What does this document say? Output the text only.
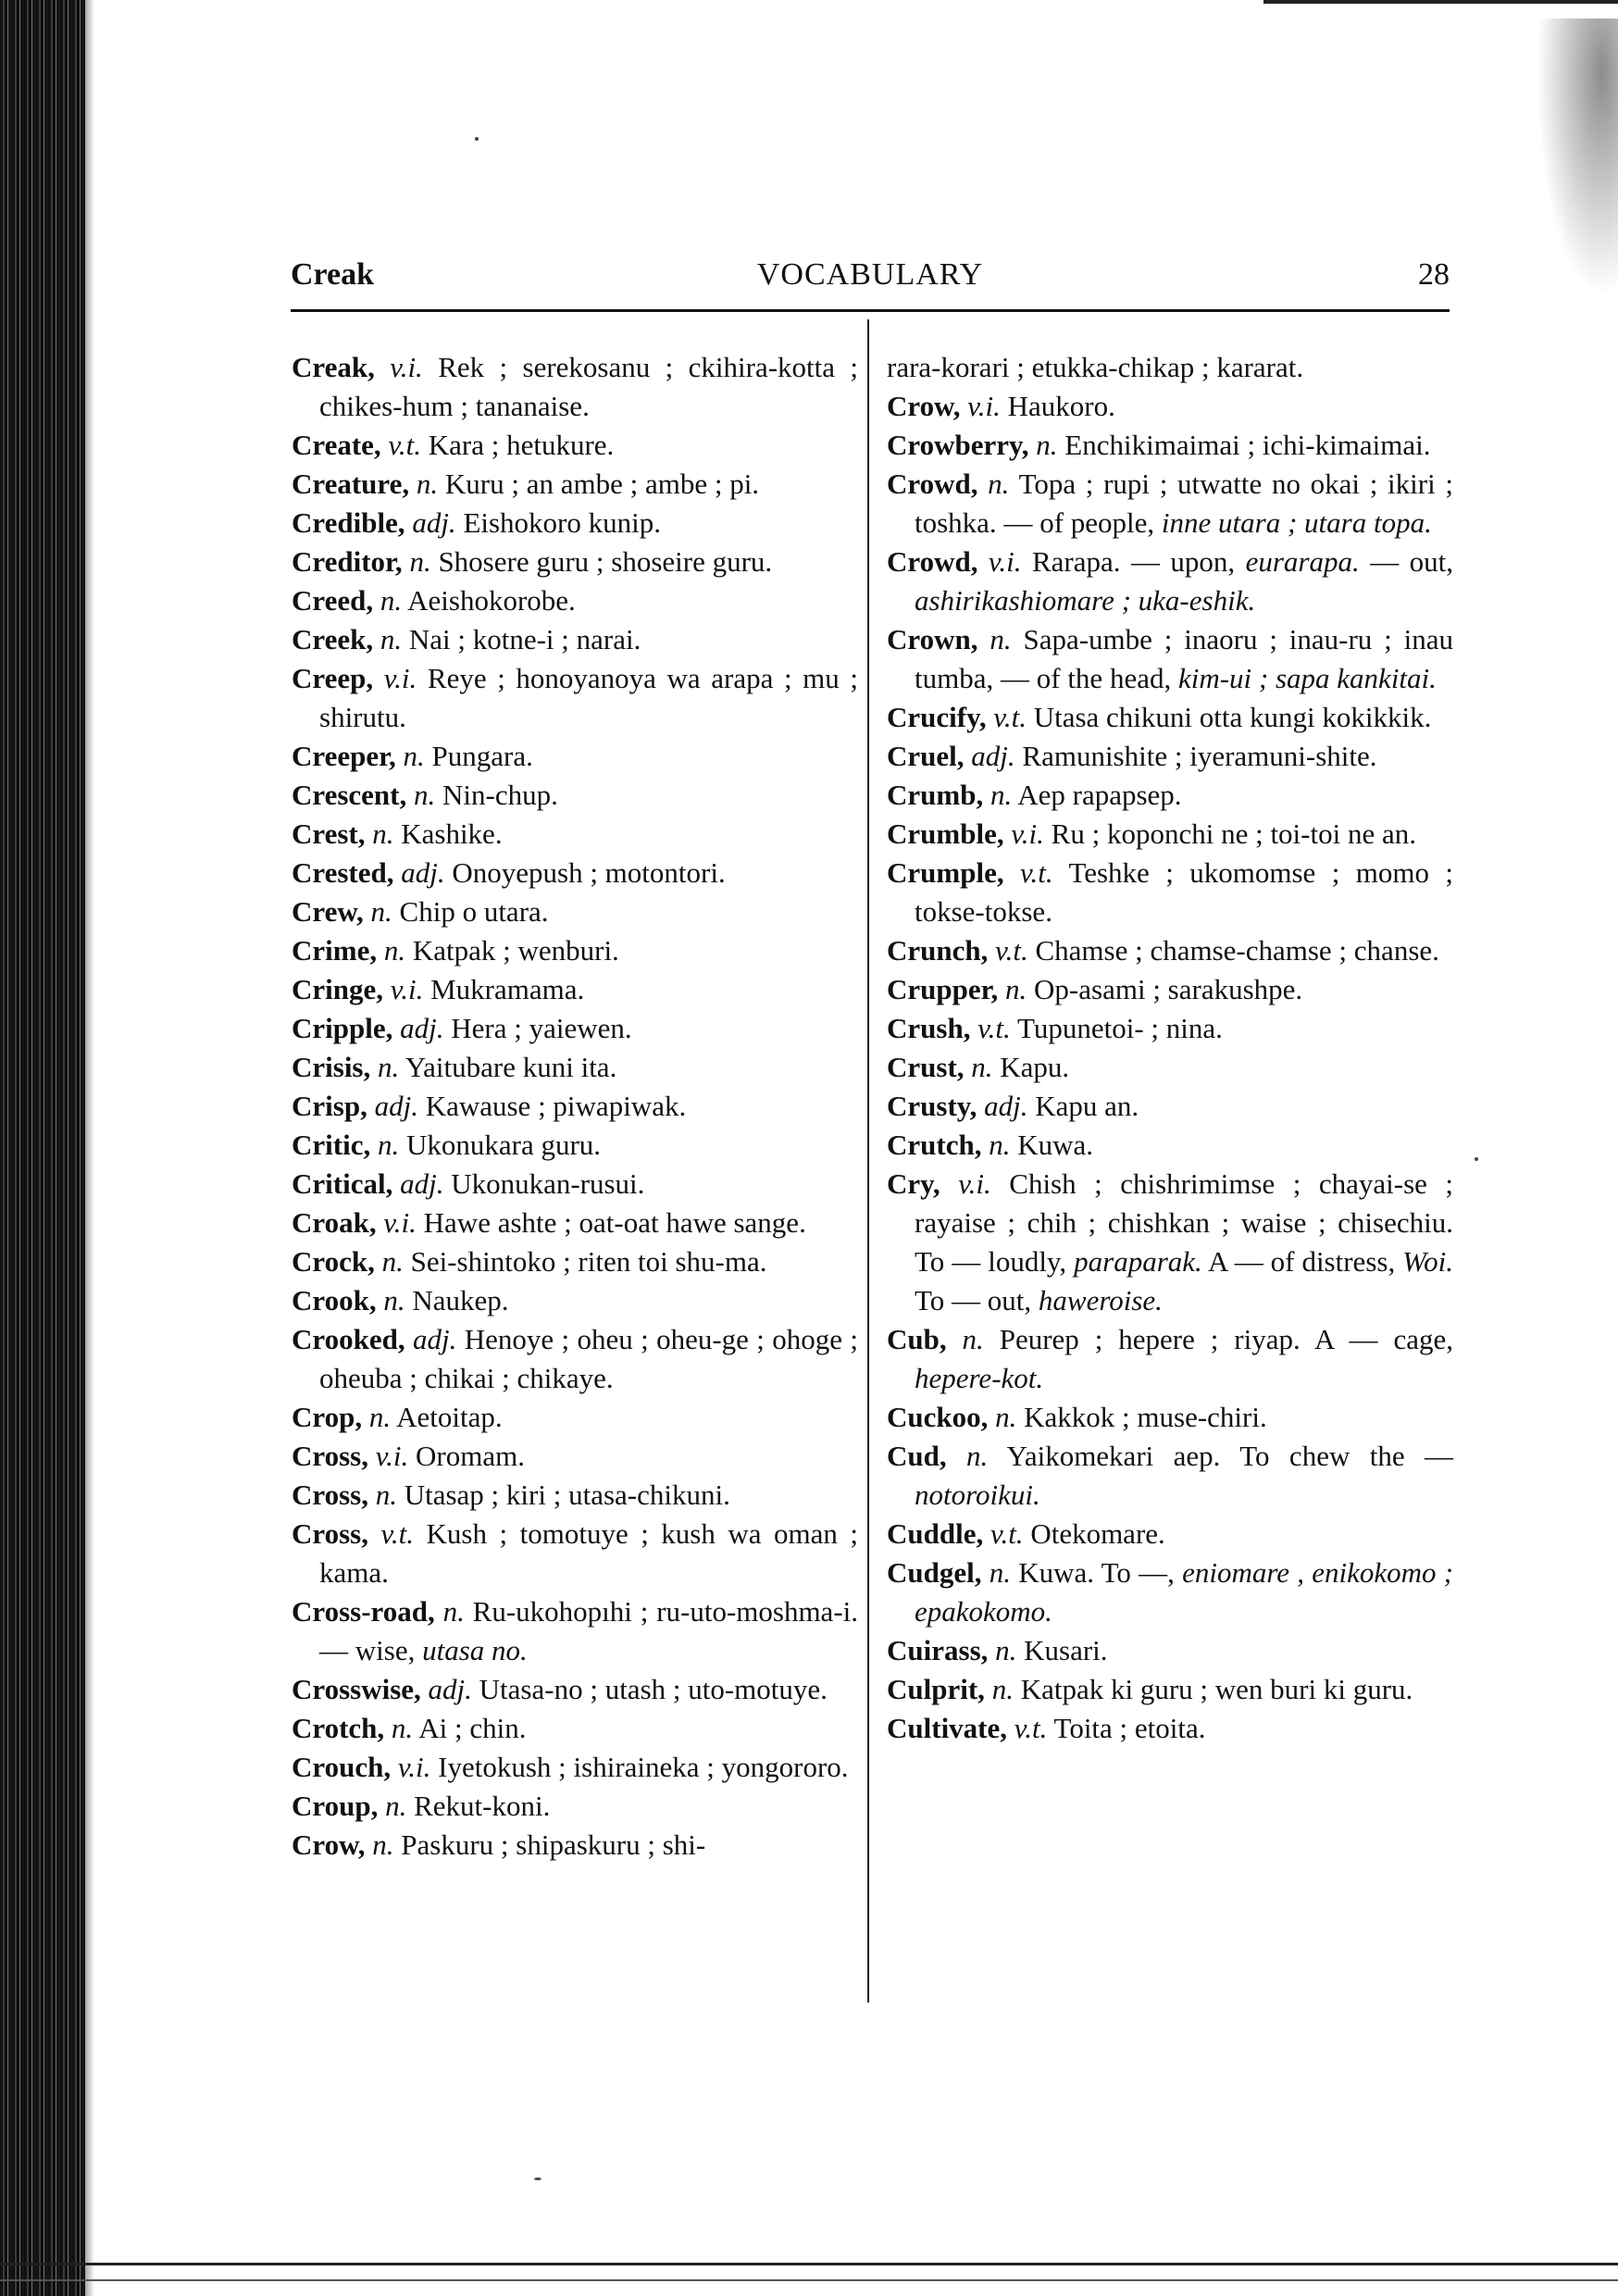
Creak	VOCABULARY	28
Creak, v.i. Rek ; serekosanu ; ckihira-kotta ; chikes-hum ; tananaise.
Create, v.t. Kara ; hetukure.
Creature, n. Kuru ; an ambe ; ambe ; pi.
Credible, adj. Eishokoro kunip.
Creditor, n. Shosere guru ; shoseire guru.
Creed, n. Aeishokorobe.
Creek, n. Nai ; kotne-i ; narai.
Creep, v.i. Reye ; honoyanoya wa arapa ; mu ; shirutu.
Creeper, n. Pungara.
Crescent, n. Nin-chup.
Crest, n. Kashike.
Crested, adj. Onoyepush ; motontori.
Crew, n. Chip o utara.
Crime, n. Katpak ; wenburi.
Cringe, v.i. Mukramama.
Cripple, adj. Hera ; yaiewen.
Crisis, n. Yaitubare kuni ita.
Crisp, adj. Kawause ; piwapiwak.
Critic, n. Ukonukara guru.
Critical, adj. Ukonukan-rusui.
Croak, v.i. Hawe ashte ; oat-oat hawe sange.
Crock, n. Sei-shintoko ; riten toi shu-ma.
Crook, n. Naukep.
Crooked, adj. Henoye ; oheu ; oheu-ge ; ohoge ; oheuba ; chikai ; chikaye.
Crop, n. Aetoitap.
Cross, v.i. Oromam.
Cross, n. Utasap ; kiri ; utasa-chikuni.
Cross, v.t. Kush ; tomotuye ; kush wa oman ; kama.
Cross-road, n. Ru-ukohopıhi ; ru-uto-moshma-i. — wise, utasa no.
Crosswise, adj. Utasa-no ; utash ; uto-motuye.
Crotch, n. Ai ; chin.
Crouch, v.i. Iyetokush ; ishiraineka ; yongororo.
Croup, n. Rekut-koni.
Crow, n. Paskuru ; shipaskuru ; shi-
rara-korari ; etukka-chikap ; kararat.
Crow, v.i. Haukoro.
Crowberry, n. Enchikimaimai ; ichi-kimaimai.
Crowd, n. Topa ; rupi ; utwatte no okai ; ikiri ; toshka. — of people, inne utara ; utara topa.
Crowd, v.i. Rarapa. — upon, eurarapa. — out, ashirikashiomare ; uka-eshik.
Crown, n. Sapa-umbe ; inaoru ; inau-ru ; inau tumba, — of the head, kim-ui ; sapa kankitai.
Crucify, v.t. Utasa chikuni otta kungi kokikkik.
Cruel, adj. Ramunishite ; iyeramuni-shite.
Crumb, n. Aep rapapsep.
Crumble, v.i. Ru ; koponchi ne ; toi-toi ne an.
Crumple, v.t. Teshke ; ukomomse ; momo ; tokse-tokse.
Crunch, v.t. Chamse ; chamse-chamse ; chanse.
Crupper, n. Op-asami ; sarakushpe.
Crush, v.t. Tupunetoi- ; nina.
Crust, n. Kapu.
Crusty, adj. Kapu an.
Crutch, n. Kuwa.
Cry, v.i. Chish ; chishrimimse ; chayai-se ; rayaise ; chih ; chishkan ; waise ; chisechiu. To — loudly, paraparak. A — of distress, Woi. To — out, haweroise.
Cub, n. Peurep ; hepere ; riyap. A — cage, hepere-kot.
Cuckoo, n. Kakkok ; muse-chiri.
Cud, n. Yaikomekari aep. To chew the — notoroikui.
Cuddle, v.t. Otekomare.
Cudgel, n. Kuwa. To —, eniomare , enikokomo ; epakokomo.
Cuirass, n. Kusari.
Culprit, n. Katpak ki guru ; wen buri ki guru.
Cultivate, v.t. Toita ; etoita.
